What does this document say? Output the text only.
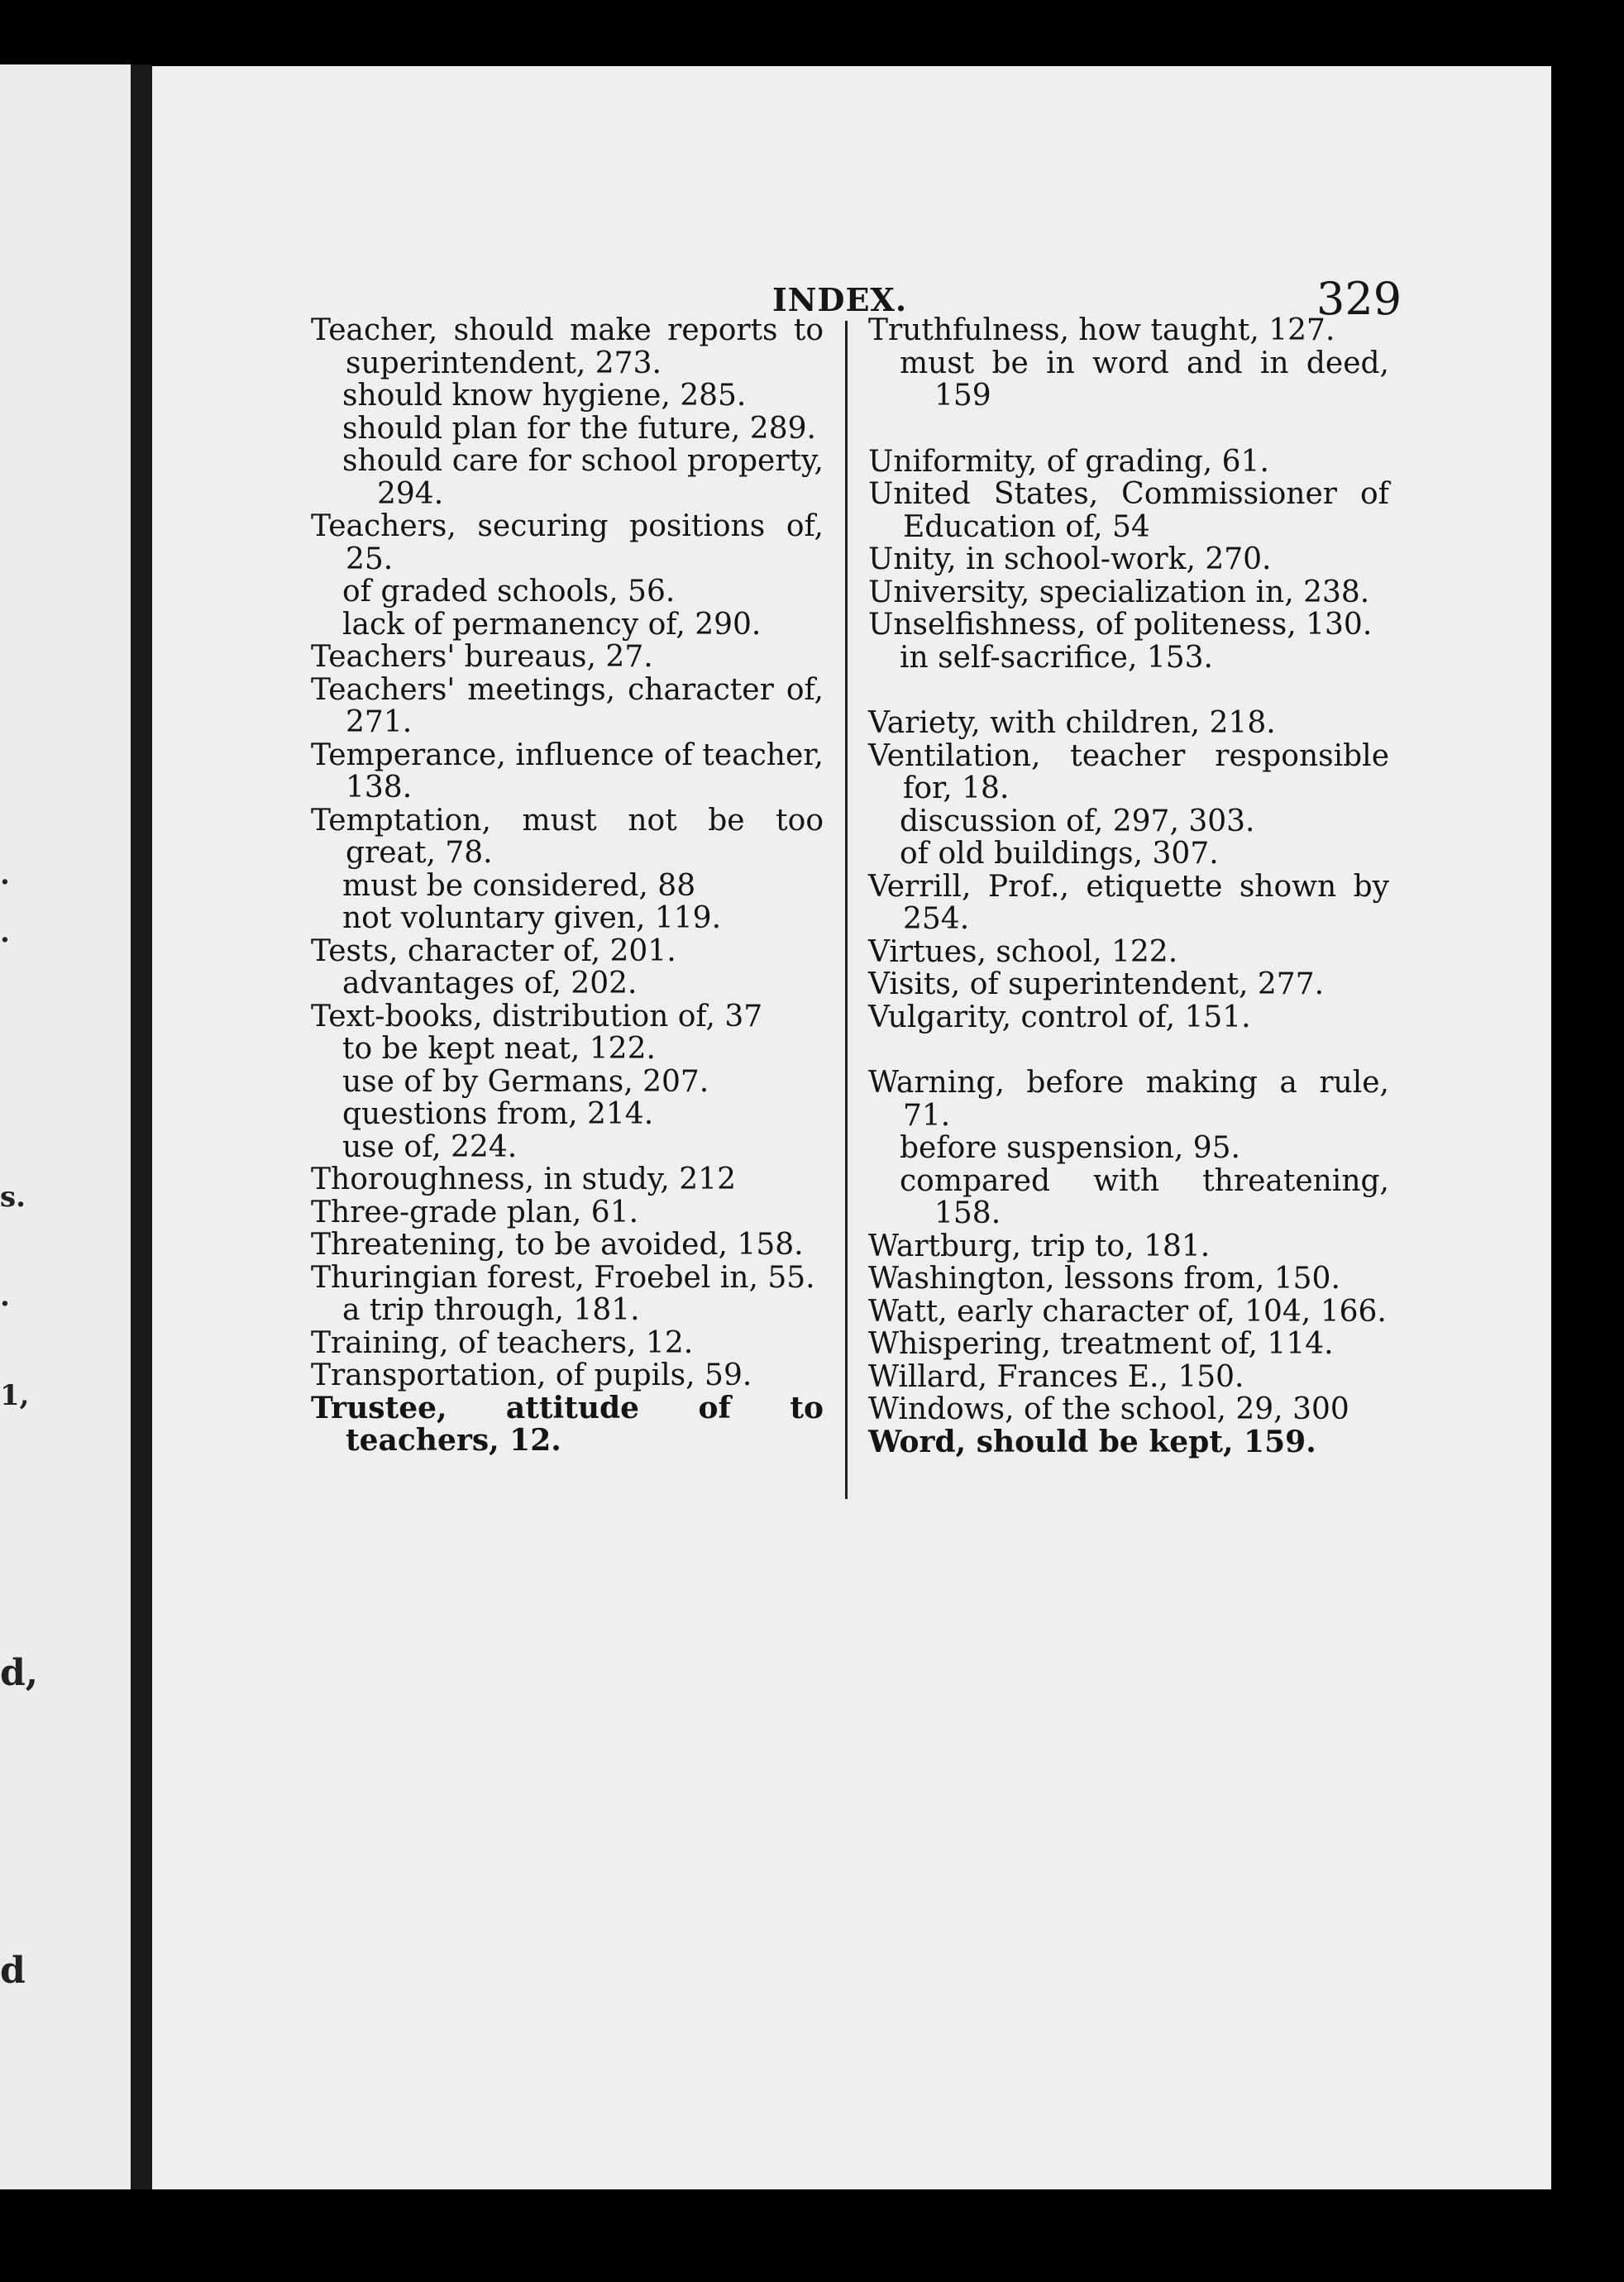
.
.
s.
.
1,
d,
d
INDEX.	329
Teacher, should make reports to superintendent, 273.
should know hygiene, 285.
should plan for the future, 289.
should care for school property, 294.
Teachers, securing positions of, 25.
of graded schools, 56.
lack of permanency of, 290.
Teachers' bureaus, 27.
Teachers' meetings, character of, 271.
Temperance, influence of teacher, 138.
Temptation, must not be too great, 78.
must be considered, 88
not voluntary given, 119.
Tests, character of, 201.
advantages of, 202.
Text-books, distribution of, 37
to be kept neat, 122.
use of by Germans, 207.
questions from, 214.
use of, 224.
Thoroughness, in study, 212
Three-grade plan, 61.
Threatening, to be avoided, 158.
Thuringian forest, Froebel in, 55.
a trip through, 181.
Training, of teachers, 12.
Transportation, of pupils, 59.
Trustee, attitude of to teachers, 12.
Truthfulness, how taught, 127.
must be in word and in deed, 159
Uniformity, of grading, 61.
United States, Commissioner of Education of, 54
Unity, in school-work, 270.
University, specialization in, 238.
Unselfishness, of politeness, 130.
in self-sacrifice, 153.
Variety, with children, 218.
Ventilation, teacher responsible for, 18.
discussion of, 297, 303.
of old buildings, 307.
Verrill, Prof., etiquette shown by 254.
Virtues, school, 122.
Visits, of superintendent, 277.
Vulgarity, control of, 151.
Warning, before making a rule, 71.
before suspension, 95.
compared with threatening, 158.
Wartburg, trip to, 181.
Washington, lessons from, 150.
Watt, early character of, 104, 166.
Whispering, treatment of, 114.
Willard, Frances E., 150.
Windows, of the school, 29, 300
Word, should be kept, 159.
